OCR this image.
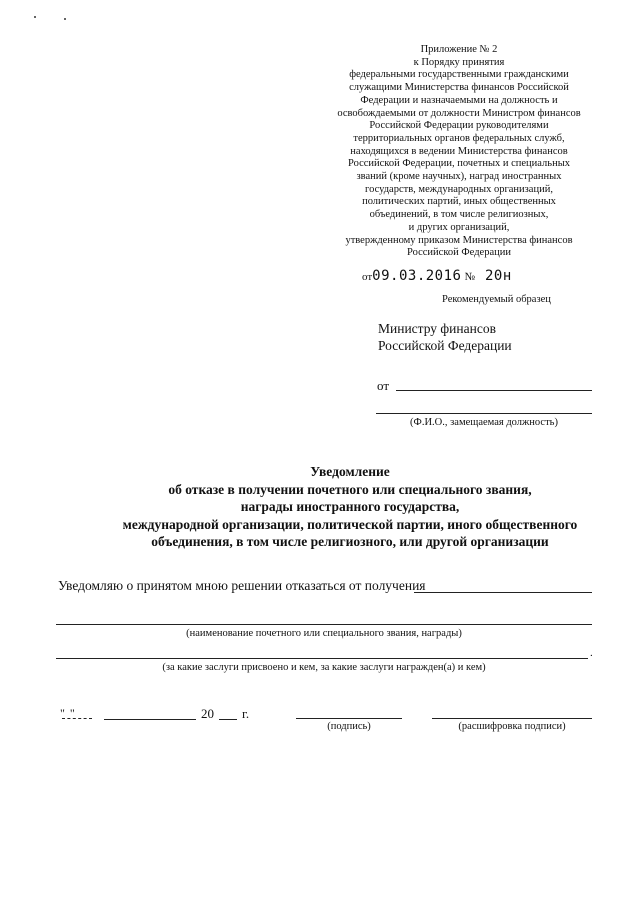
Приложение № 2
к Порядку принятия
федеральными государственными гражданскими
служащими Министерства финансов Российской
Федерации и назначаемыми на должность и
освобождаемыми от должности Министром финансов
Российской Федерации руководителями
территориальных органов федеральных служб,
находящихся в ведении Министерства финансов
Российской Федерации, почетных и специальных
званий (кроме научных), наград иностранных
государств, международных организаций,
политических партий, иных общественных
объединений, в том числе религиозных,
и других организаций,
утвержденному приказом Министерства финансов
Российской Федерации
от09.03.2016 № 20н
Рекомендуемый образец
Министру финансов
Российской Федерации
от
(Ф.И.О., замещаемая должность)
Уведомление
об отказе в получении почетного или специального звания,
награды иностранного государства,
международной организации, политической партии, иного общественного
объединения, в том числе религиозного, или другой организации
Уведомляю о принятом мною решении отказаться от получения
(наименование почетного или специального звания, награды)
.
(за какие заслуги присвоено и кем, за какие заслуги награжден(а) и кем)
" "	20 г.
(подпись)	(расшифровка подписи)
